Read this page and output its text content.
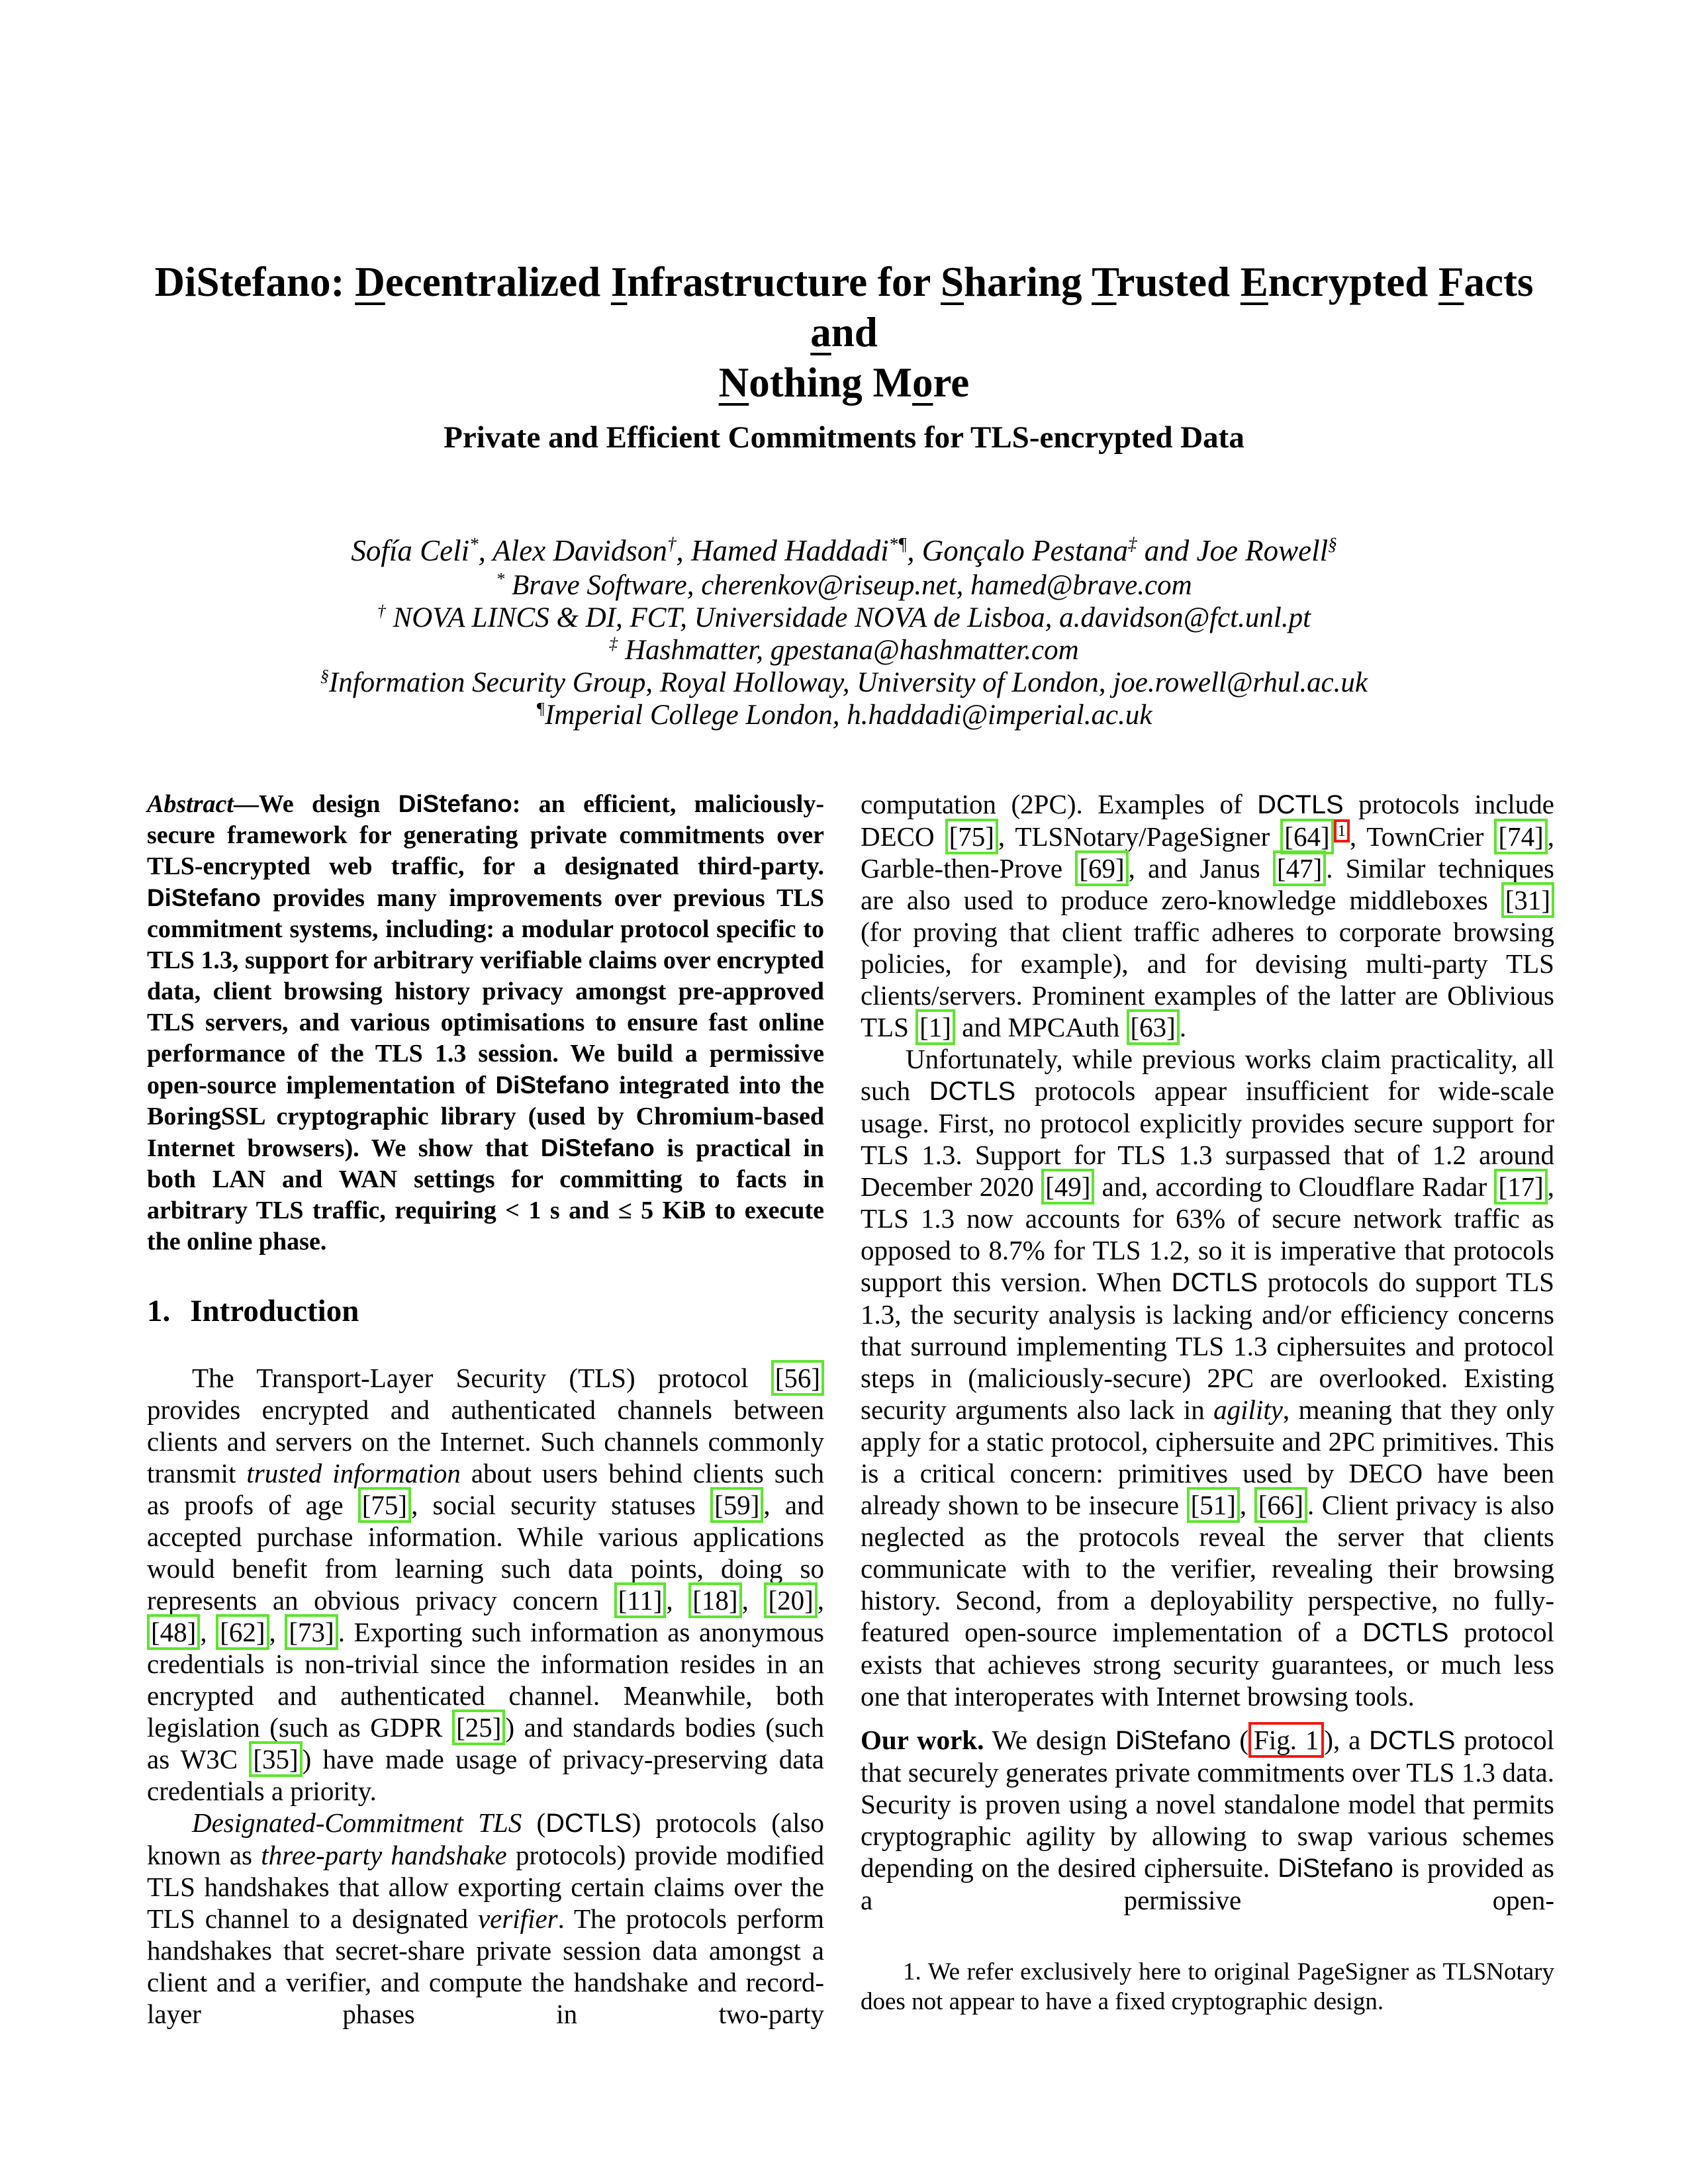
DiStefano: Decentralized Infrastructure for Sharing Trusted Encrypted Facts and
Nothing More
Private and Efficient Commitments for TLS-encrypted Data
Sofía Celi*, Alex Davidson†, Hamed Haddadi*¶, Gonçalo Pestana‡ and Joe Rowell§

* Brave Software, cherenkov@riseup.net, hamed@brave.com

† NOVA LINCS & DI, FCT, Universidade NOVA de Lisboa, a.davidson@fct.unl.pt

‡ Hashmatter, gpestana@hashmatter.com

§Information Security Group, Royal Holloway, University of London, joe.rowell@rhul.ac.uk

¶Imperial College London, h.haddadi@imperial.ac.uk

Abstract—We design DiStefano: an efficient, maliciously-secure framework for generating private commitments over TLS-encrypted web traffic, for a designated third-party. DiStefano provides many improvements over previous TLS commitment systems, including: a modular protocol specific to TLS 1.3, support for arbitrary verifiable claims over encrypted data, client browsing history privacy amongst pre-approved TLS servers, and various optimisations to ensure fast online performance of the TLS 1.3 session. We build a permissive open-source implementation of DiStefano integrated into the BoringSSL cryptographic library (used by Chromium-based Internet browsers). We show that DiStefano is practical in both LAN and WAN settings for committing to facts in arbitrary TLS traffic, requiring < 1 s and ≤ 5 KiB to execute the online phase.

1. Introduction

The Transport-Layer Security (TLS) protocol [56] provides encrypted and authenticated channels between clients and servers on the Internet. Such channels commonly transmit trusted information about users behind clients such as proofs of age [75] , social security statuses [59] , and accepted purchase information. While various applications would benefit from learning such data points, doing so represents an obvious privacy concern [11] , [18] , [20] , [48] , [62] , [73] . Exporting such information as anonymous credentials is non-trivial since the information resides in an encrypted and authenticated channel. Meanwhile, both legislation (such as GDPR [25] ) and standards bodies (such as W3C [35] ) have made usage of privacy-preserving data credentials a priority.

Designated-Commitment TLS (DCTLS) protocols (also known as three-party handshake protocols) provide modified TLS handshakes that allow exporting certain claims over the TLS channel to a designated verifier. The protocols perform handshakes that secret-share private session data amongst a client and a verifier, and compute the handshake and record-layer phases in two-party

computation (2PC). Examples of DCTLS protocols include DECO [75] , TLSNotary/PageSigner [64] $^1$ , TownCrier [74] , Garble-then-Prove [69] , and Janus [47] . Similar techniques are also used to produce zero-knowledge middleboxes [31] (for proving that client traffic adheres to corporate browsing policies, for example), and for devising multi-party TLS clients/servers. Prominent examples of the latter are Oblivious TLS [1] and MPCAuth [63] .

Unfortunately, while previous works claim practicality, all such DCTLS protocols appear insufficient for wide-scale usage. First, no protocol explicitly provides secure support for TLS 1.3. Support for TLS 1.3 surpassed that of 1.2 around December 2020 [49] and, according to Cloudflare Radar [17] , TLS 1.3 now accounts for 63% of secure network traffic as opposed to 8.7% for TLS 1.2, so it is imperative that protocols support this version. When DCTLS protocols do support TLS 1.3, the security analysis is lacking and/or efficiency concerns that surround implementing TLS 1.3 ciphersuites and protocol steps in (maliciously-secure) 2PC are overlooked. Existing security arguments also lack in agility, meaning that they only apply for a static protocol, ciphersuite and 2PC primitives. This is a critical concern: primitives used by DECO have been already shown to be insecure [51] , [66] . Client privacy is also neglected as the protocols reveal the server that clients communicate with to the verifier, revealing their browsing history. Second, from a deployability perspective, no fully-featured open-source implementation of a DCTLS protocol exists that achieves strong security guarantees, or much less one that interoperates with Internet browsing tools.

Our work. We design DiStefano ( Fig. 1 ), a DCTLS protocol that securely generates private commitments over TLS 1.3 data. Security is proven using a novel standalone model that permits cryptographic agility by allowing to swap various schemes depending on the desired ciphersuite. DiStefano is provided as a permissive open-

1. We refer exclusively here to original PageSigner as TLSNotary does not appear to have a fixed cryptographic design.
